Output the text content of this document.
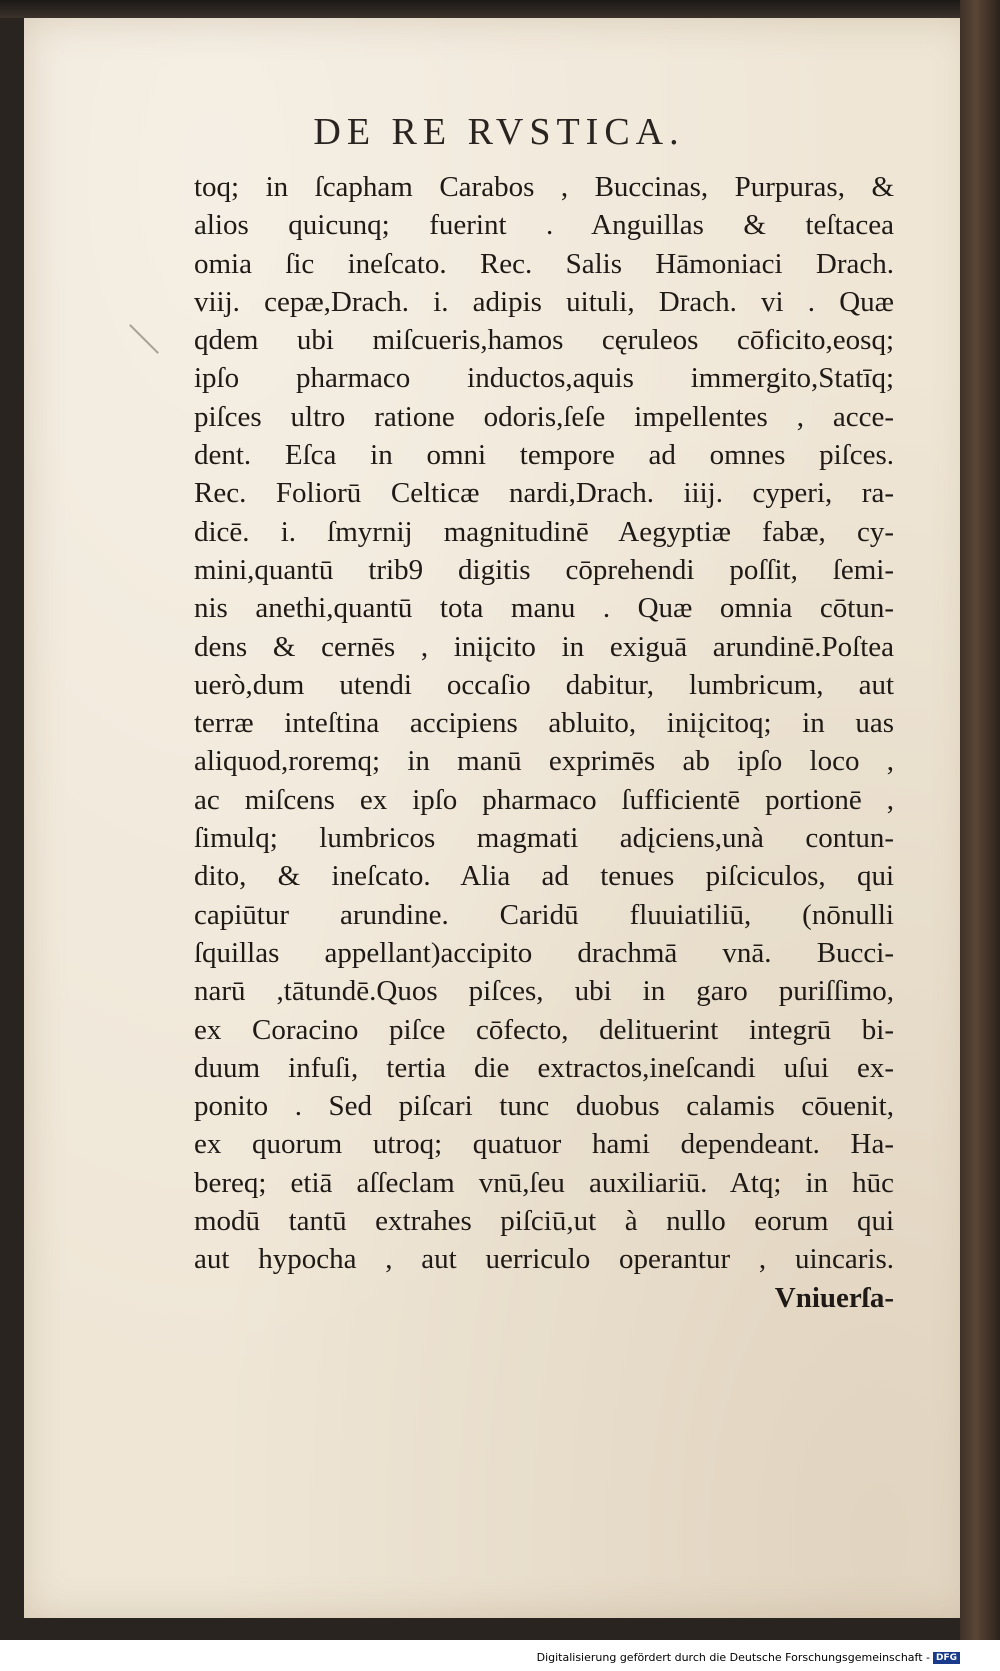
DE RE RVSTICA.
toq; in ſcapham Carabos , Buccinas, Purpuras, &
alios quicunq; fuerint . Anguillas & teſtacea
omia ſic ineſcato. Rec. Salis Hāmoniaci Drach.
viij. cepæ,Drach. i. adipis uituli, Drach. vi . Quæ
qdem ubi miſcueris,hamos cęruleos cōficito,eosq;
ipſo pharmaco inductos,aquis immergito,Statīq;
piſces ultro ratione odoris,ſeſe impellentes , acce-
dent. Eſca in omni tempore ad omnes piſces.
Rec. Foliorū Celticæ nardi,Drach. iiij. cyperi, ra-
dicē. i. ſmyrnij magnitudinē Aegyptiæ fabæ, cy-
mini,quantū trib9 digitis cōprehendi poſſit, ſemi-
nis anethi,quantū tota manu . Quæ omnia cōtun-
dens & cernēs , iniįcito in exiguā arundinē.Poſtea
uerò,dum utendi occaſio dabitur, lumbricum, aut
terræ inteſtina accipiens abluito, iniįcitoq; in uas
aliquod,roremq; in manū exprimēs ab ipſo loco ,
ac miſcens ex ipſo pharmaco ſufficientē portionē ,
ſimulq; lumbricos magmati adįciens,unà contun-
dito, & ineſcato. Alia ad tenues piſciculos, qui
capiūtur arundine. Caridū fluuiatiliū, (nōnulli
ſquillas appellant)accipito drachmā vnā. Bucci-
narū ,tātundē.Quos piſces, ubi in garo puriſſimo,
ex Coracino piſce cōfecto, delituerint integrū bi-
duum infuſi, tertia die extractos,ineſcandi uſui ex-
ponito . Sed piſcari tunc duobus calamis cōuenit,
ex quorum utroq; quatuor hami dependeant. Ha-
bereq; etiā aſſeclam vnū,ſeu auxiliariū. Atq; in hūc
modū tantū extrahes piſciū,ut à nullo eorum qui
aut hypocha , aut uerriculo operantur , uincaris.
Vniuerſa-
Digitalisierung gefördert durch die Deutsche Forschungsgemeinschaft - DFG
